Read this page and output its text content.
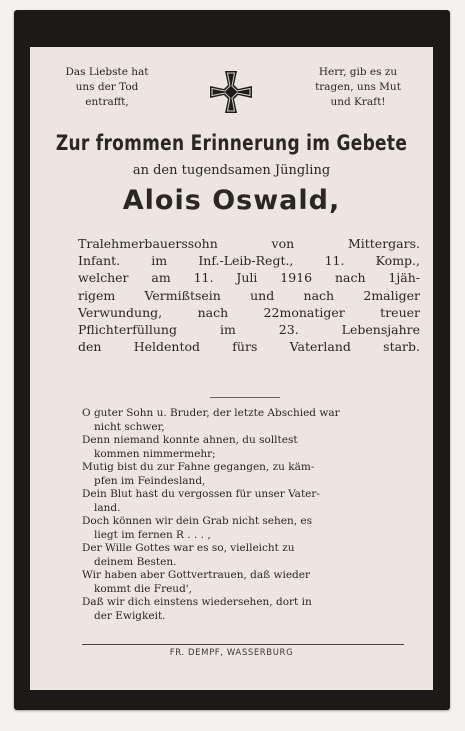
Das Liebste hat
uns der Tod
entrafft,
Herr, gib es zu
tragen, uns Mut
und Kraft!
Zur frommen Erinnerung im Gebete
an den tugendsamen Jüngling
Alois Oswald,
Tralehmerbauerssohn von Mittergars.
Infant. im Inf.-Leib-Regt., 11. Komp.,
welcher am 11. Juli 1916 nach 1jäh-
rigem Vermißtsein und nach 2maliger
Verwundung, nach 22monatiger treuer
Pflichterfüllung im 23. Lebensjahre
den Heldentod fürs Vaterland starb.
O guter Sohn u. Bruder, der letzte Abschied war
nicht schwer,
Denn niemand konnte ahnen, du solltest
kommen nimmermehr;
Mutig bist du zur Fahne gegangen, zu käm-
pfen im Feindesland,
Dein Blut hast du vergossen für unser Vater-
land.
Doch können wir dein Grab nicht sehen, es
liegt im fernen R . . . ,
Der Wille Gottes war es so, vielleicht zu
deinem Besten.
Wir haben aber Gottvertrauen, daß wieder
kommt die Freud',
Daß wir dich einstens wiedersehen, dort in
der Ewigkeit.
FR. DEMPF, WASSERBURG
